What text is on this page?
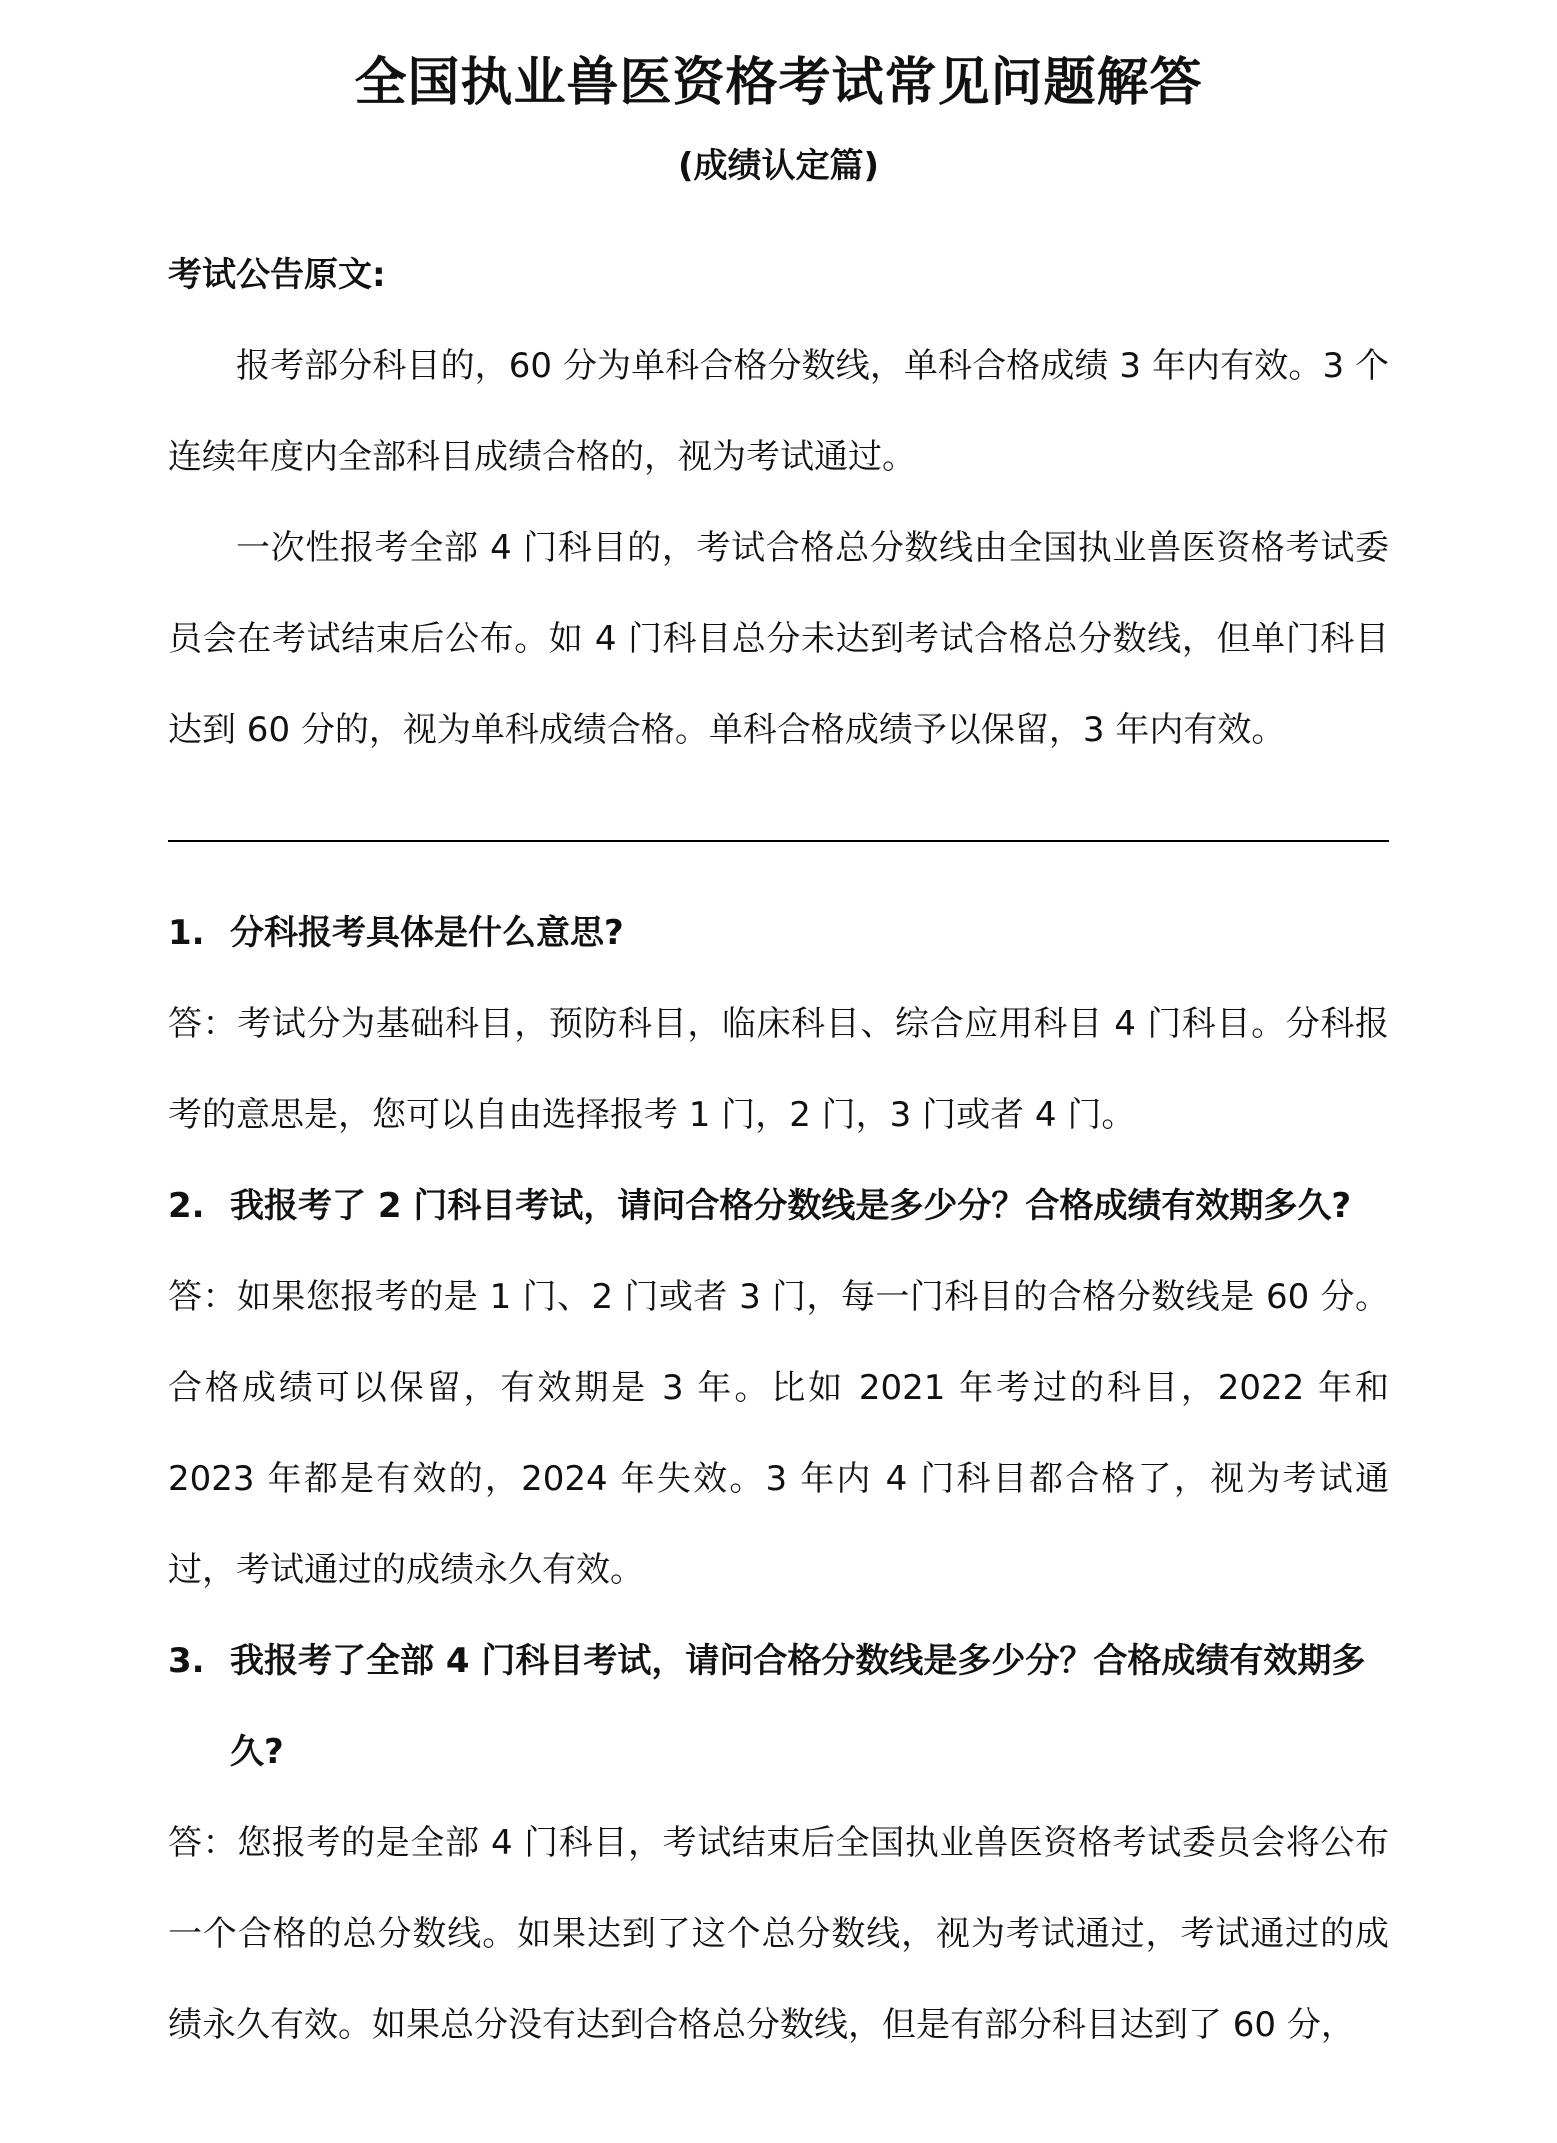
全国执业兽医资格考试常见问题解答
(成绩认定篇)

考试公告原文:

报考部分科目的，60 分为单科合格分数线，单科合格成绩 3 年内有效。3 个连续年度内全部科目成绩合格的，视为考试通过。

一次性报考全部 4 门科目的，考试合格总分数线由全国执业兽医资格考试委员会在考试结束后公布。如 4 门科目总分未达到考试合格总分数线，但单门科目达到 60 分的，视为单科成绩合格。单科合格成绩予以保留，3 年内有效。

1. 分科报考具体是什么意思?

答：考试分为基础科目，预防科目，临床科目、综合应用科目 4 门科目。分科报考的意思是，您可以自由选择报考 1 门，2 门，3 门或者 4 门。

2. 我报考了 2 门科目考试，请问合格分数线是多少分？合格成绩有效期多久?

答：如果您报考的是 1 门、2 门或者 3 门，每一门科目的合格分数线是 60 分。合格成绩可以保留，有效期是 3 年。比如 2021 年考过的科目，2022 年和 2023 年都是有效的，2024 年失效。3 年内 4 门科目都合格了，视为考试通过，考试通过的成绩永久有效。

3. 我报考了全部 4 门科目考试，请问合格分数线是多少分？合格成绩有效期多久?

答：您报考的是全部 4 门科目，考试结束后全国执业兽医资格考试委员会将公布一个合格的总分数线。如果达到了这个总分数线，视为考试通过，考试通过的成绩永久有效。如果总分没有达到合格总分数线，但是有部分科目达到了 60 分，
